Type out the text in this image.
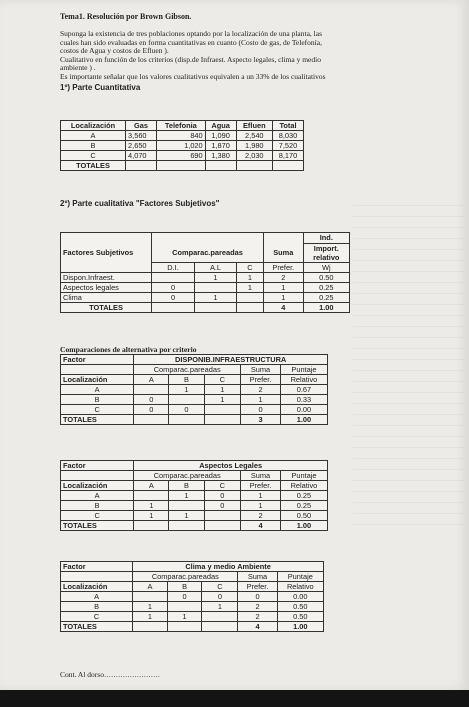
Tema1. Resolución por Brown Gibson.
Suponga la existencia de tres poblaciones optando por la localización de una planta, las
cuales han sido evaluadas en forma cuantitativas en cuanto (Costo de gas, de Telefonía,
costos de Agua y costos de Efluen ).
Cualitativo en función de los criterios (disp.de Infraest. Aspecto legales, clima y medio
ambiente ) .
Es importante señalar que los valores cualitativos equivalen a un 33% de los cualitativos
1º) Parte Cuantitativa
Localización	Gas	Telefonia	Agua	Efluen	Total
A	3,560	840	1,090	2,540	8,030
B	2,650	1,020	1,870	1,980	7,520
C	4,070	690	1,380	2,030	8,170
TOTALES					
2º) Parte cualitativa "Factores Subjetivos"
Factores Subjetivos					Ind.
	Comparac.pareadas			Suma	Import.
relativo

	D.I.	A.L	C	Prefer.	Wj
Dispon.Infraest.		1	1	2	0.50
Aspectos legales	0		1	1	0.25
Clima	0	1		1	0.25
TOTALES				4	1.00
Comparaciones de alternativa por criterio
Factor	DISPONIB.INFRAESTRUCTURA				
	Comparac.pareadas			Suma	Puntaje
Localización	A	B	C	Prefer.	Relativo
A		1	1	2	0.67
B	0		1	1	0.33
C	0	0		0	0.00
TOTALES				3	1.00
Factor	Aspectos Legales				
	Comparac.pareadas			Suma	Puntaje
Localización	A	B	C	Prefer.	Relativo
A		1	0	1	0.25
B	1		0	1	0.25
C	1	1		2	0.50
TOTALES				4	1.00
Factor	Clima y medio Ambiente				
	Comparac.pareadas			Suma	Puntaje
Localización	A	B	C	Prefer.	Relativo
A		0	0	0	0.00
B	1		1	2	0.50
C	1	1		2	0.50
TOTALES				4	1.00
Cont. Al dorso……………………
